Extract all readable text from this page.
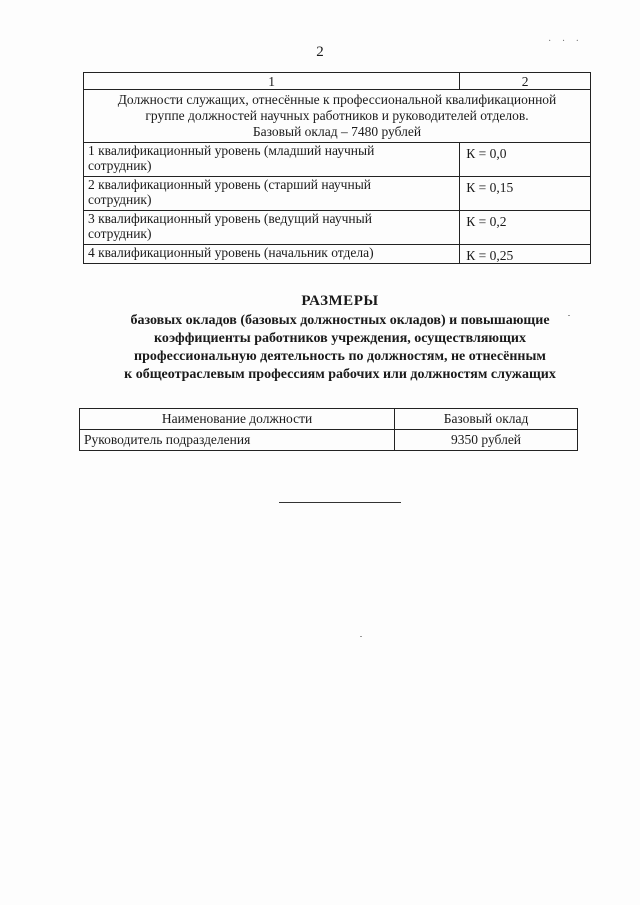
2
· · ·
1	2

Должности служащих, отнесённые к профессиональной квалификационной
группе должностей научных работников и руководителей отделов.
Базовый оклад – 7480 рублей	

1 квалификационный уровень (младший научный
сотрудник)	К = 0,0

2 квалификационный уровень (старший научный
сотрудник)	К = 0,15

3 квалификационный уровень (ведущий научный
сотрудник)	К = 0,2

4 квалификационный уровень (начальник отдела)	К = 0,25
РАЗМЕРЫ
базовых окладов (базовых должностных окладов) и повышающие
коэффициенты работников учреждения, осуществляющих
профессиональную деятельность по должностям, не отнесённым
к общеотраслевым профессиям рабочих или должностям служащих
Наименование должности	Базовый оклад
Руководитель подразделения	9350 рублей
